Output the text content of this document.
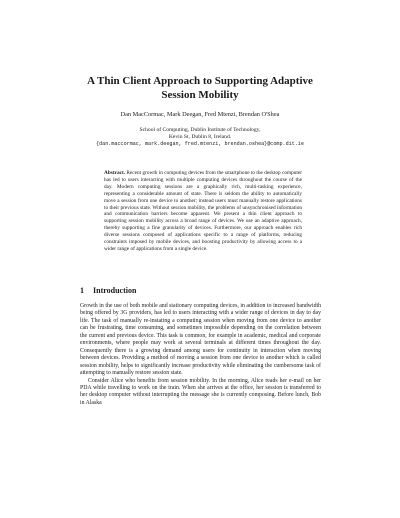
A Thin Client Approach to Supporting Adaptive
Session Mobility
Dan MacCormac, Mark Deegan, Fred Mtenzi, Brendan O'Shea
School of Computing, Dublin Institute of Technology,
Kevin St, Dublin 8, Ireland.
{dan.maccormac, mark.deegan, fred.mtenzi, brendan.oshea}@comp.dit.ie

Abstract. Recent growth in computing devices from the smartphone to the desktop computer has led to users interacting with multiple computing devices throughout the course of the day. Modern computing sessions are a graphically rich, multi-tasking experience, representing a considerable amount of state. There is seldom the ability to automatically move a session from one device to another; instead users must manually restore applications to their previous state. Without session mobility, the problems of unsynchronised information and communication barriers become apparent. We present a thin client approach to supporting session mobility across a broad range of devices. We use an adaptive approach, thereby supporting a fine granularity of devices. Furthermore, our approach enables rich diverse sessions composed of applications specific to a range of platforms, reducing constraints imposed by mobile devices, and boosting productivity by allowing access to a wider range of applications from a single device.

1 Introduction

Growth in the use of both mobile and stationary computing devices, in addition to increased bandwidth being offered by 3G providers, has led to users interacting with a wider range of devices in day to day life. The task of manually re-instating a computing session when moving from one device to another can be frustrating, time consuming, and sometimes impossible depending on the correlation between the current and previous device. This task is common, for example in academic, medical and corporate environments, where people may work at several terminals at different times throughout the day. Consequently there is a growing demand among users for continuity in interaction when moving between devices. Providing a method of moving a session from one device to another which is called session mobility, helps to significantly increase productivity while eliminating the cumbersome task of attempting to manually restore session state.

Consider Alice who benefits from session mobility. In the morning, Alice reads her e-mail on her PDA while travelling to work on the train. When she arrives at the office, her session is transferred to her desktop computer without interrupting the message she is currently composing. Before lunch, Bob in Alaska
